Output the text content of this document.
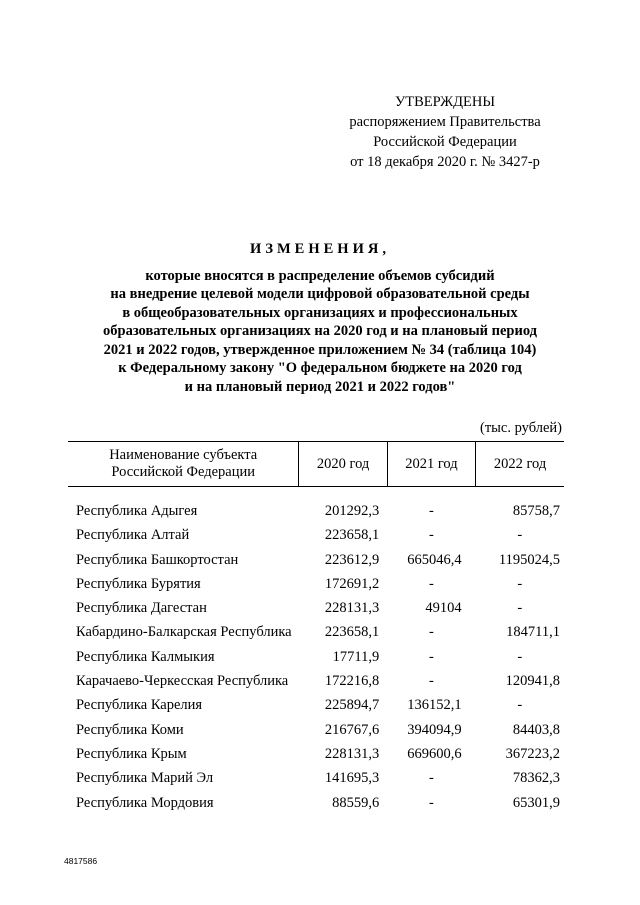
УТВЕРЖДЕНЫ
распоряжением Правительства
Российской Федерации
от 18 декабря 2020 г. № 3427-р
ИЗМЕНЕНИЯ,
которые вносятся в распределение объемов субсидий
на внедрение целевой модели цифровой образовательной среды
в общеобразовательных организациях и профессиональных
образовательных организациях на 2020 год и на плановый период
2021 и 2022 годов, утвержденное приложением № 34 (таблица 104)
к Федеральному закону "О федеральном бюджете на 2020 год
и на плановый период 2021 и 2022 годов"
(тыс. рублей)
Наименование субъекта Российской Федерации	2020 год	2021 год	2022 год

Республика Адыгея	201292,3	-	85758,7
Республика Алтай	223658,1	-	-
Республика Башкортостан	223612,9	665046,4	1195024,5
Республика Бурятия	172691,2	-	-
Республика Дагестан	228131,3	49104	-
Кабардино-Балкарская Республика	223658,1	-	184711,1
Республика Калмыкия	17711,9	-	-
Карачаево-Черкесская Республика	172216,8	-	120941,8
Республика Карелия	225894,7	136152,1	-
Республика Коми	216767,6	394094,9	84403,8
Республика Крым	228131,3	669600,6	367223,2
Республика Марий Эл	141695,3	-	78362,3
Республика Мордовия	88559,6	-	65301,9
4817586
